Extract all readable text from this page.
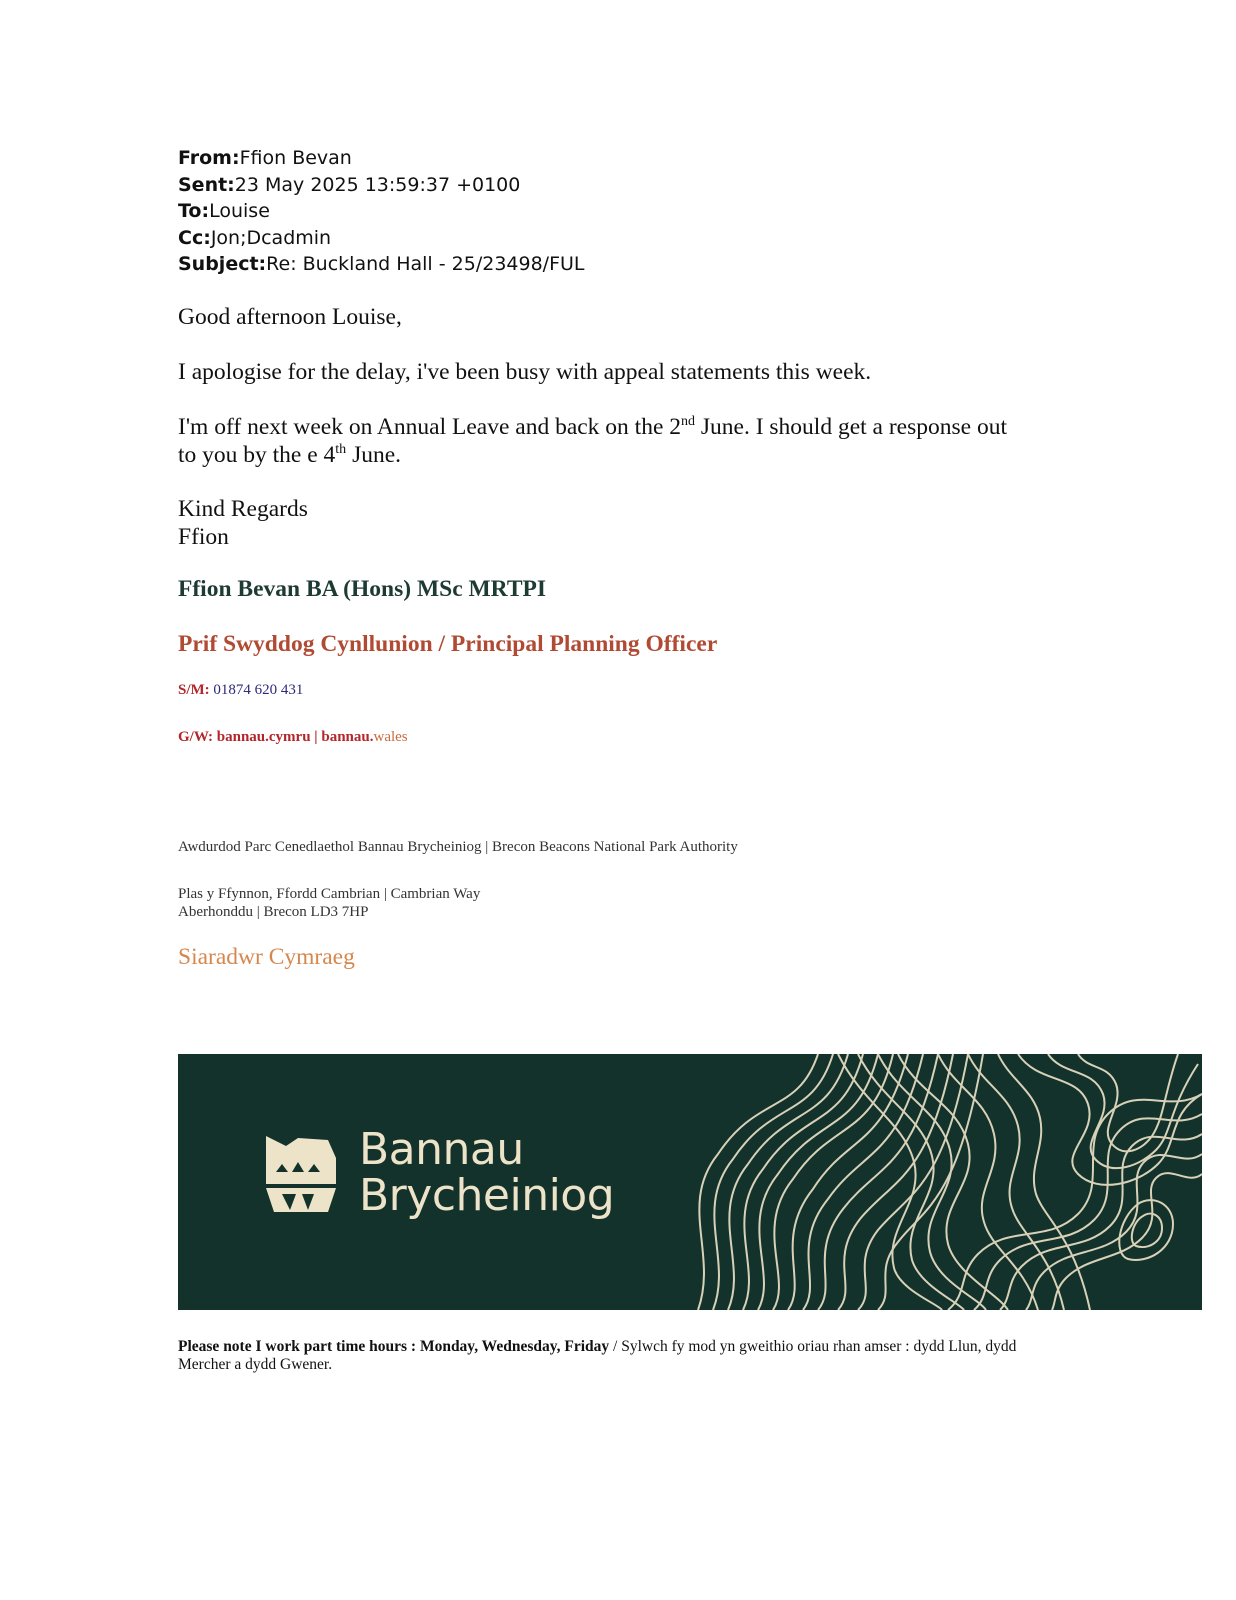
From:Ffion Bevan
Sent:23 May 2025 13:59:37 +0100
To:Louise
Cc:Jon;Dcadmin
Subject:Re: Buckland Hall - 25/23498/FUL
Good afternoon Louise,
I apologise for the delay, i've been busy with appeal statements this week.
I'm off next week on Annual Leave and back on the 2nd June. I should get a response out
to you by the e 4th June.
Kind Regards
Ffion
Ffion Bevan BA (Hons) MSc MRTPI
Prif Swyddog Cynllunion / Principal Planning Officer
S/M: 01874 620 431
G/W: bannau.cymru | bannau.wales
Awdurdod Parc Cenedlaethol Bannau Brycheiniog | Brecon Beacons National Park Authority
Plas y Ffynnon, Ffordd Cambrian | Cambrian Way
Aberhonddu | Brecon LD3 7HP
Siaradwr Cymraeg
Bannau
Brycheiniog
Please note I work part time hours : Monday, Wednesday, Friday / Sylwch fy mod yn gweithio oriau rhan amser : dydd Llun, dydd Mercher a dydd Gwener.
